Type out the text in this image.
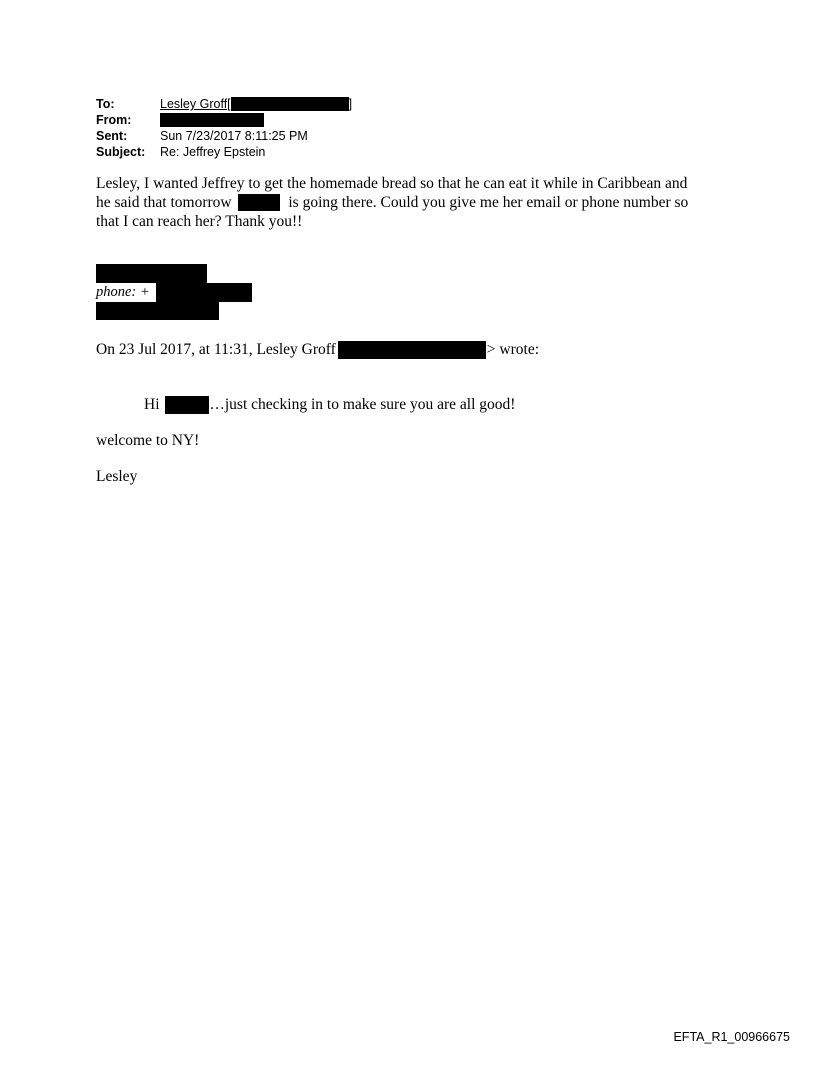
To:	Lesley Groff[	]
From:
Sent:	Sun 7/23/2017 8:11:25 PM
Subject:	Re: Jeffrey Epstein
Lesley, I wanted Jeffrey to get the homemade bread so that he can eat it while in Caribbean and
he said that tomorrow	is going there. Could you give me her email or phone number so
that I can reach her? Thank you!!
phone: +
On 23 Jul 2017, at 11:31, Lesley Groff	> wrote:
Hi	…just checking in to make sure you are all good!
welcome to NY!
Lesley
EFTA_R1_00966675
